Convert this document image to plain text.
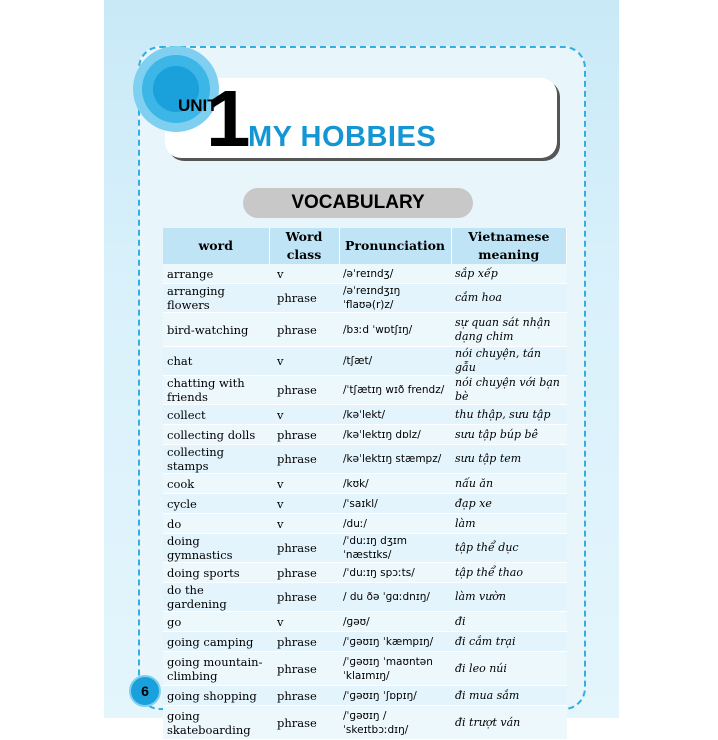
UNIT
1
MY HOBBIES
VOCABULARY
word	Word class	Pronunciation	Vietnamese meaning
arrange	v	/əˈreɪndʒ/	sắp xếp
arranging flowers	phrase	/əˈreɪndʒɪŋ ˈflaʊə(r)z/	cắm hoa
bird-watching	phrase	/bɜːd ˈwɒtʃɪŋ/	sự quan sát nhận dạng chim
chat	v	/tʃæt/	nói chuyện, tán gẫu
chatting with friends	phrase	/ˈtʃætɪŋ wɪð frendz/	nói chuyện với bạn bè
collect	v	/kəˈlekt/	thu thập, sưu tập
collecting dolls	phrase	/kəˈlektɪŋ dɒlz/	sưu tập búp bê
collecting stamps	phrase	/kəˈlektɪŋ stæmpz/	sưu tập tem
cook	v	/kʊk/	nấu ăn
cycle	v	/ˈsaɪkl/	đạp xe
do	v	/duː/	làm
doing gymnastics	phrase	/ˈduːɪŋ dʒɪmˈnæstɪks/	tập thể dục
doing sports	phrase	/ˈduːɪŋ spɔːts/	tập thể thao
do the gardening	phrase	/ du ðə ˈɡɑːdnɪŋ/	làm vườn
go	v	/ɡəʊ/	đi
going camping	phrase	/ˈɡəʊɪŋ ˈkæmpɪŋ/	đi cắm trại
going mountain-climbing	phrase	/ˈɡəʊɪŋ ˈmaʊntən ˈklaɪmɪŋ/	đi leo núi
going shopping	phrase	/ˈɡəʊɪŋ ˈʃɒpɪŋ/	đi mua sắm
going skateboarding	phrase	/ˈɡəʊɪŋ /ˈskeɪtbɔːdɪŋ/	đi trượt ván
6
